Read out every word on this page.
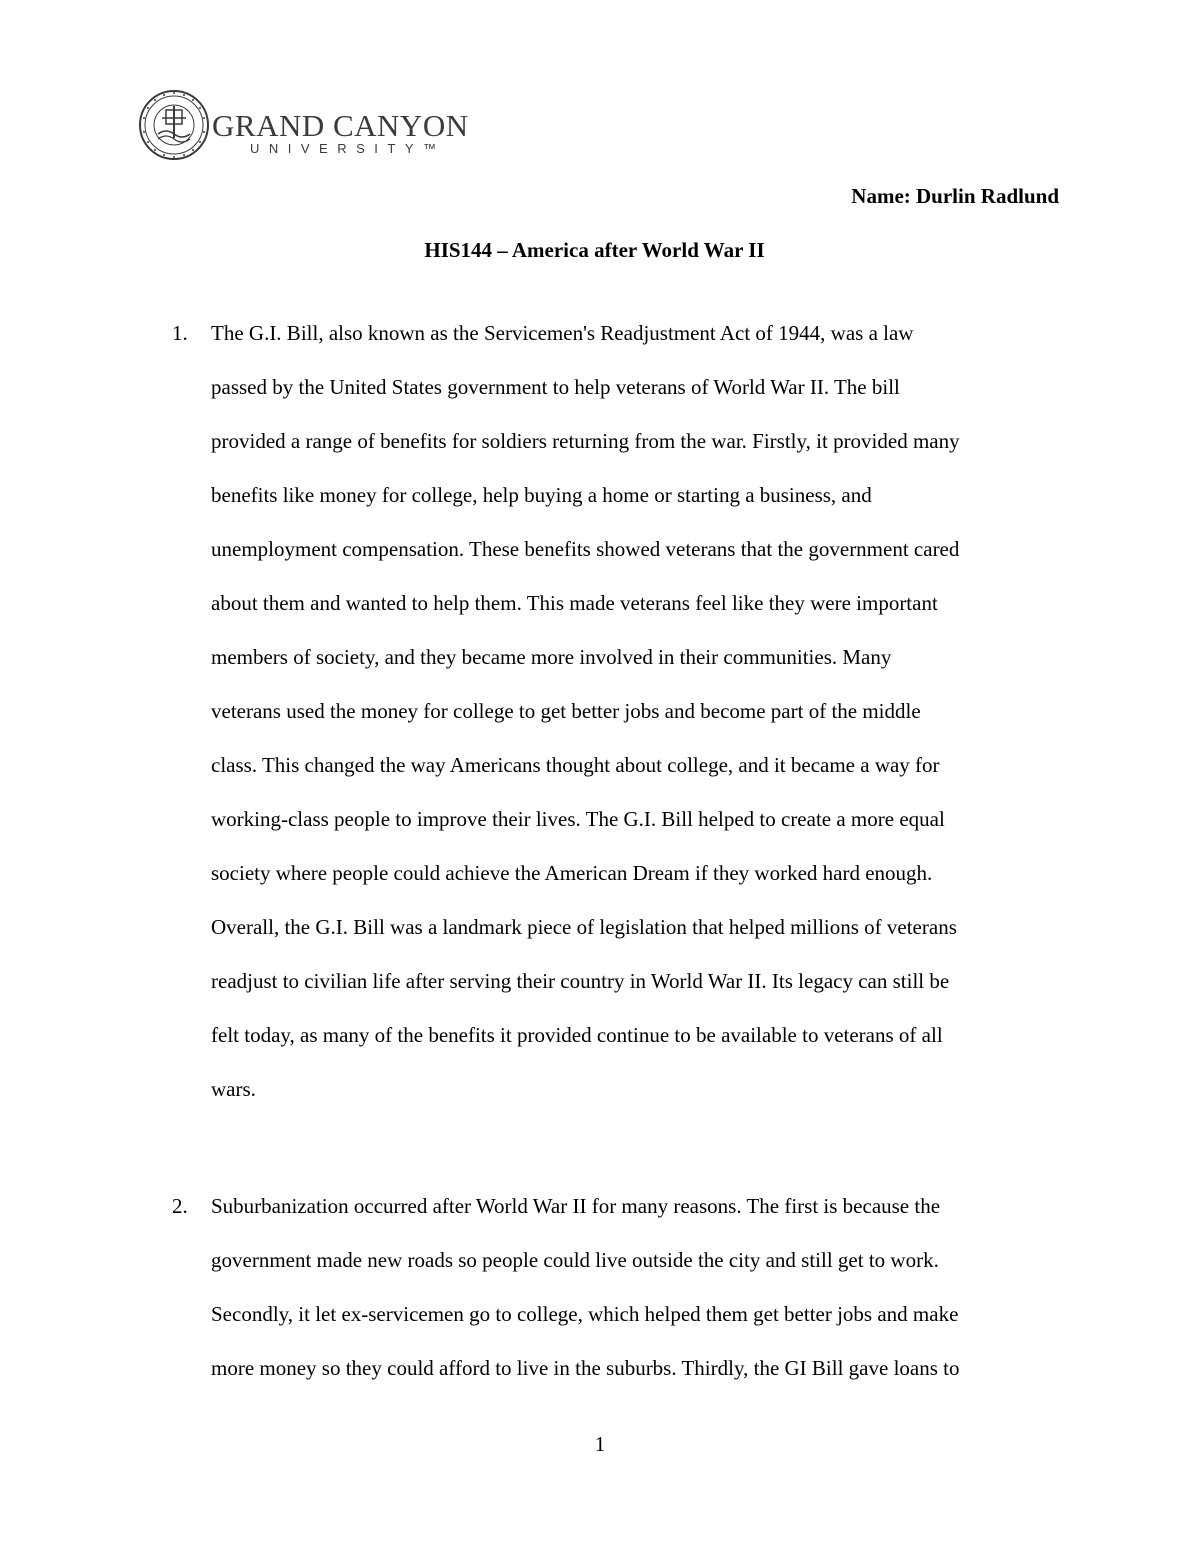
GRAND CANYON
UNIVERSITY™
Name: Durlin Radlund
HIS144 – America after World War II
1. The G.I. Bill, also known as the Servicemen's Readjustment Act of 1944, was a law
passed by the United States government to help veterans of World War II. The bill
provided a range of benefits for soldiers returning from the war. Firstly, it provided many
benefits like money for college, help buying a home or starting a business, and
unemployment compensation. These benefits showed veterans that the government cared
about them and wanted to help them. This made veterans feel like they were important
members of society, and they became more involved in their communities. Many
veterans used the money for college to get better jobs and become part of the middle
class. This changed the way Americans thought about college, and it became a way for
working-class people to improve their lives. The G.I. Bill helped to create a more equal
society where people could achieve the American Dream if they worked hard enough.
Overall, the G.I. Bill was a landmark piece of legislation that helped millions of veterans
readjust to civilian life after serving their country in World War II. Its legacy can still be
felt today, as many of the benefits it provided continue to be available to veterans of all
wars.
2. Suburbanization occurred after World War II for many reasons. The first is because the
government made new roads so people could live outside the city and still get to work.
Secondly, it let ex-servicemen go to college, which helped them get better jobs and make
more money so they could afford to live in the suburbs. Thirdly, the GI Bill gave loans to
1
